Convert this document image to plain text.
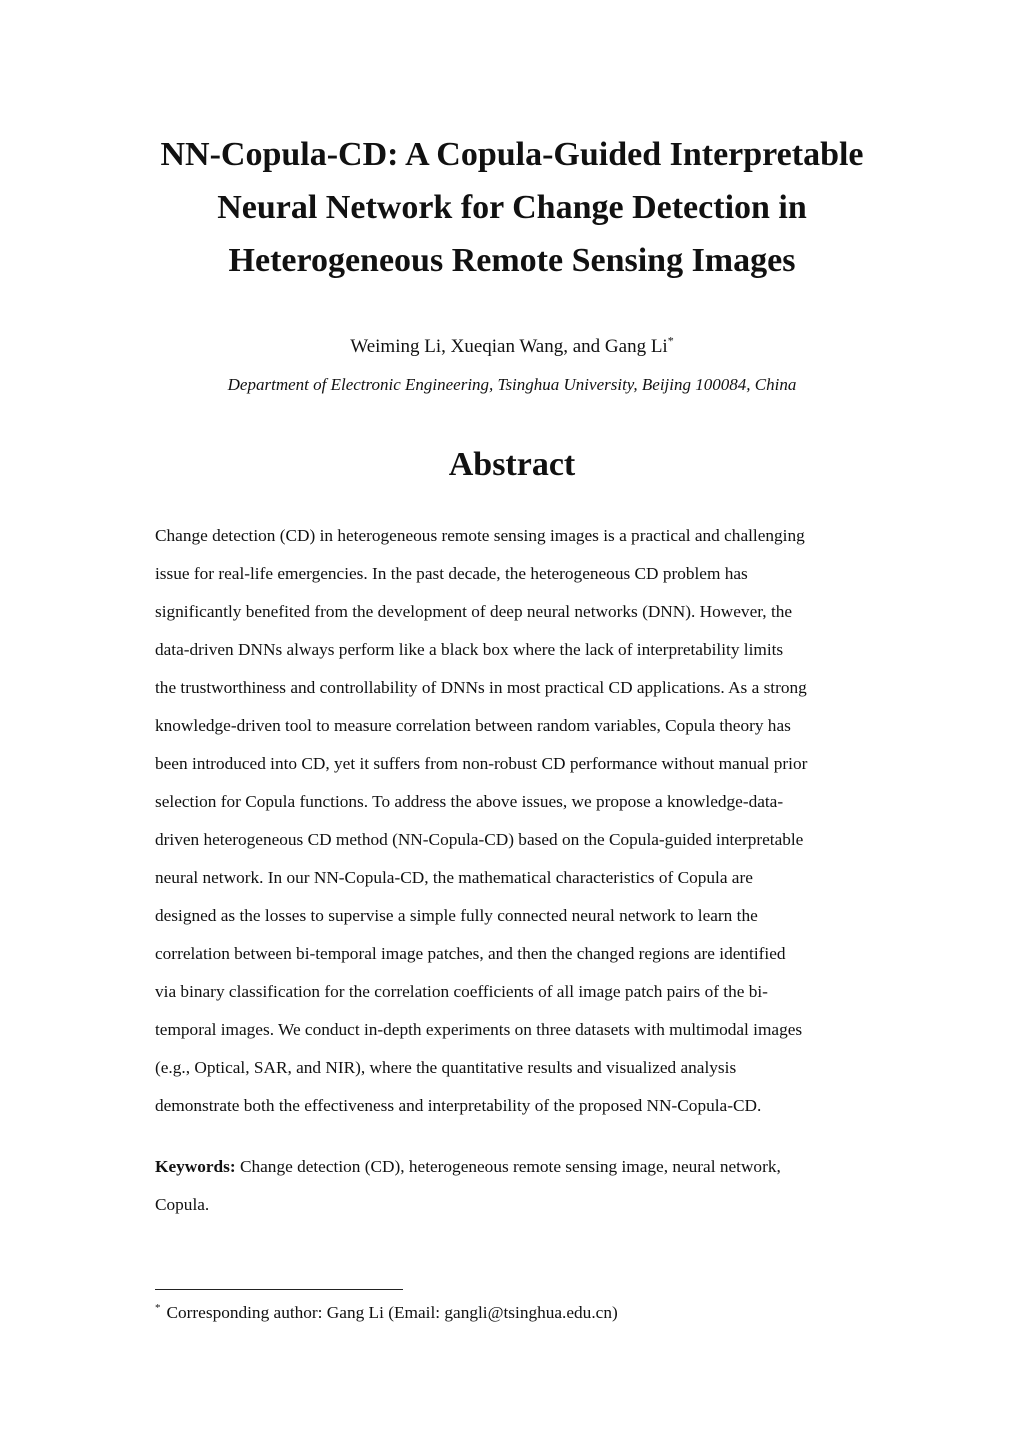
NN-Copula-CD: A Copula-Guided Interpretable
Neural Network for Change Detection in
Heterogeneous Remote Sensing Images
Weiming Li, Xueqian Wang, and Gang Li*
Department of Electronic Engineering, Tsinghua University, Beijing 100084, China
Abstract

Change detection (CD) in heterogeneous remote sensing images is a practical and challenging
issue for real-life emergencies. In the past decade, the heterogeneous CD problem has
significantly benefited from the development of deep neural networks (DNN). However, the
data-driven DNNs always perform like a black box where the lack of interpretability limits
the trustworthiness and controllability of DNNs in most practical CD applications. As a strong
knowledge-driven tool to measure correlation between random variables, Copula theory has
been introduced into CD, yet it suffers from non-robust CD performance without manual prior
selection for Copula functions. To address the above issues, we propose a knowledge-data-
driven heterogeneous CD method (NN-Copula-CD) based on the Copula-guided interpretable
neural network. In our NN-Copula-CD, the mathematical characteristics of Copula are
designed as the losses to supervise a simple fully connected neural network to learn the
correlation between bi-temporal image patches, and then the changed regions are identified
via binary classification for the correlation coefficients of all image patch pairs of the bi-
temporal images. We conduct in-depth experiments on three datasets with multimodal images
(e.g., Optical, SAR, and NIR), where the quantitative results and visualized analysis
demonstrate both the effectiveness and interpretability of the proposed NN-Copula-CD.

Keywords: Change detection (CD), heterogeneous remote sensing image, neural network,
Copula.

* Corresponding author: Gang Li (Email: gangli@tsinghua.edu.cn)
